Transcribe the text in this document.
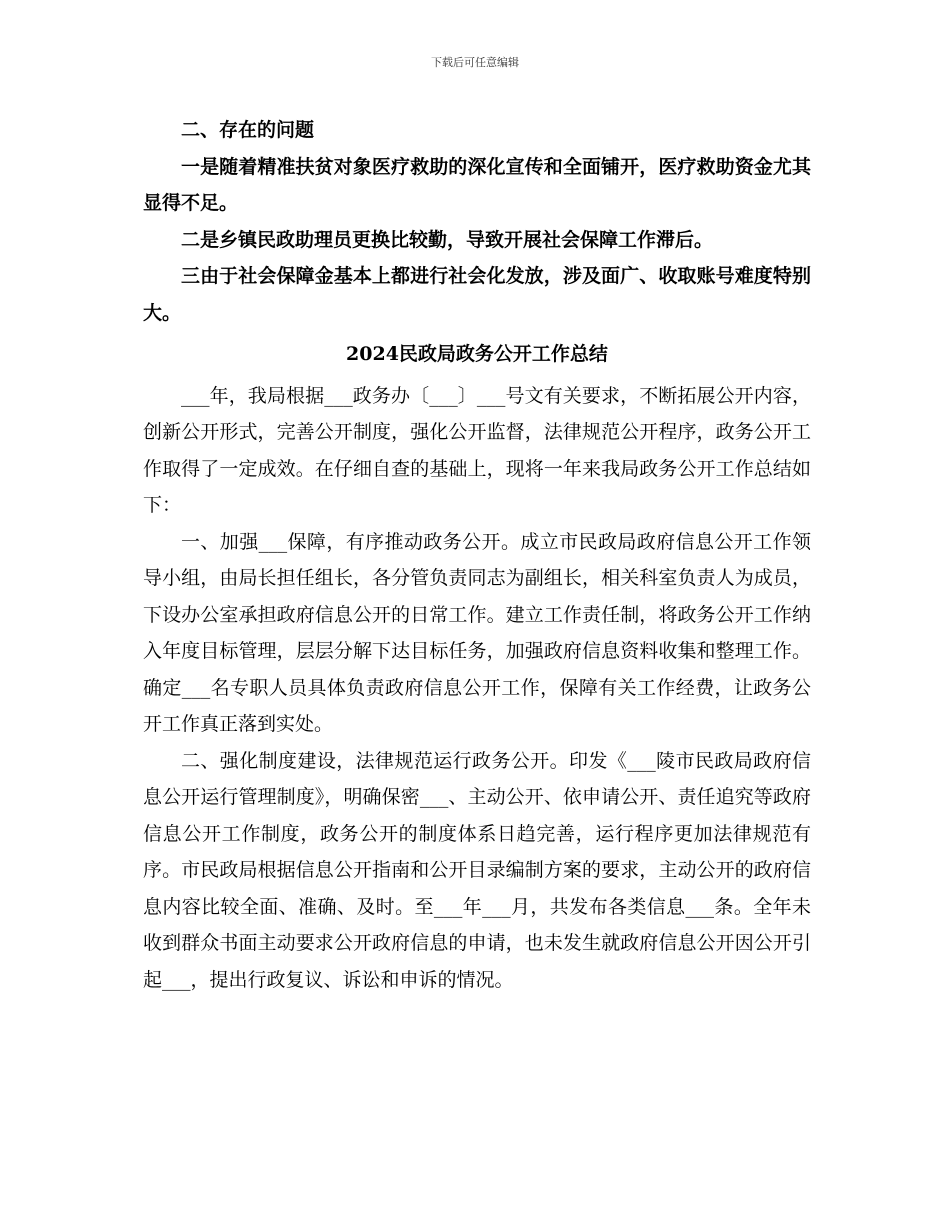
下载后可任意编辑

二、存在的问题

一是随着精准扶贫对象医疗救助的深化宣传和全面铺开，医疗救助资金尤其显得不足。

二是乡镇民政助理员更换比较勤，导致开展社会保障工作滞后。

三由于社会保障金基本上都进行社会化发放，涉及面广、收取账号难度特别大。

2024民政局政务公开工作总结

___年，我局根据___政务办〔___〕___号文有关要求，不断拓展公开内容，创新公开形式，完善公开制度，强化公开监督，法律规范公开程序，政务公开工作取得了一定成效。在仔细自查的基础上，现将一年来我局政务公开工作总结如下：

一、加强___保障，有序推动政务公开。成立市民政局政府信息公开工作领导小组，由局长担任组长，各分管负责同志为副组长，相关科室负责人为成员，下设办公室承担政府信息公开的日常工作。建立工作责任制，将政务公开工作纳入年度目标管理，层层分解下达目标任务，加强政府信息资料收集和整理工作。确定___名专职人员具体负责政府信息公开工作，保障有关工作经费，让政务公开工作真正落到实处。

二、强化制度建设，法律规范运行政务公开。印发《___陵市民政局政府信息公开运行管理制度》，明确保密___、主动公开、依申请公开、责任追究等政府信息公开工作制度，政务公开的制度体系日趋完善，运行程序更加法律规范有序。市民政局根据信息公开指南和公开目录编制方案的要求，主动公开的政府信息内容比较全面、准确、及时。至___年___月，共发布各类信息___条。全年未收到群众书面主动要求公开政府信息的申请，也未发生就政府信息公开因公开引起___，提出行政复议、诉讼和申诉的情况。
